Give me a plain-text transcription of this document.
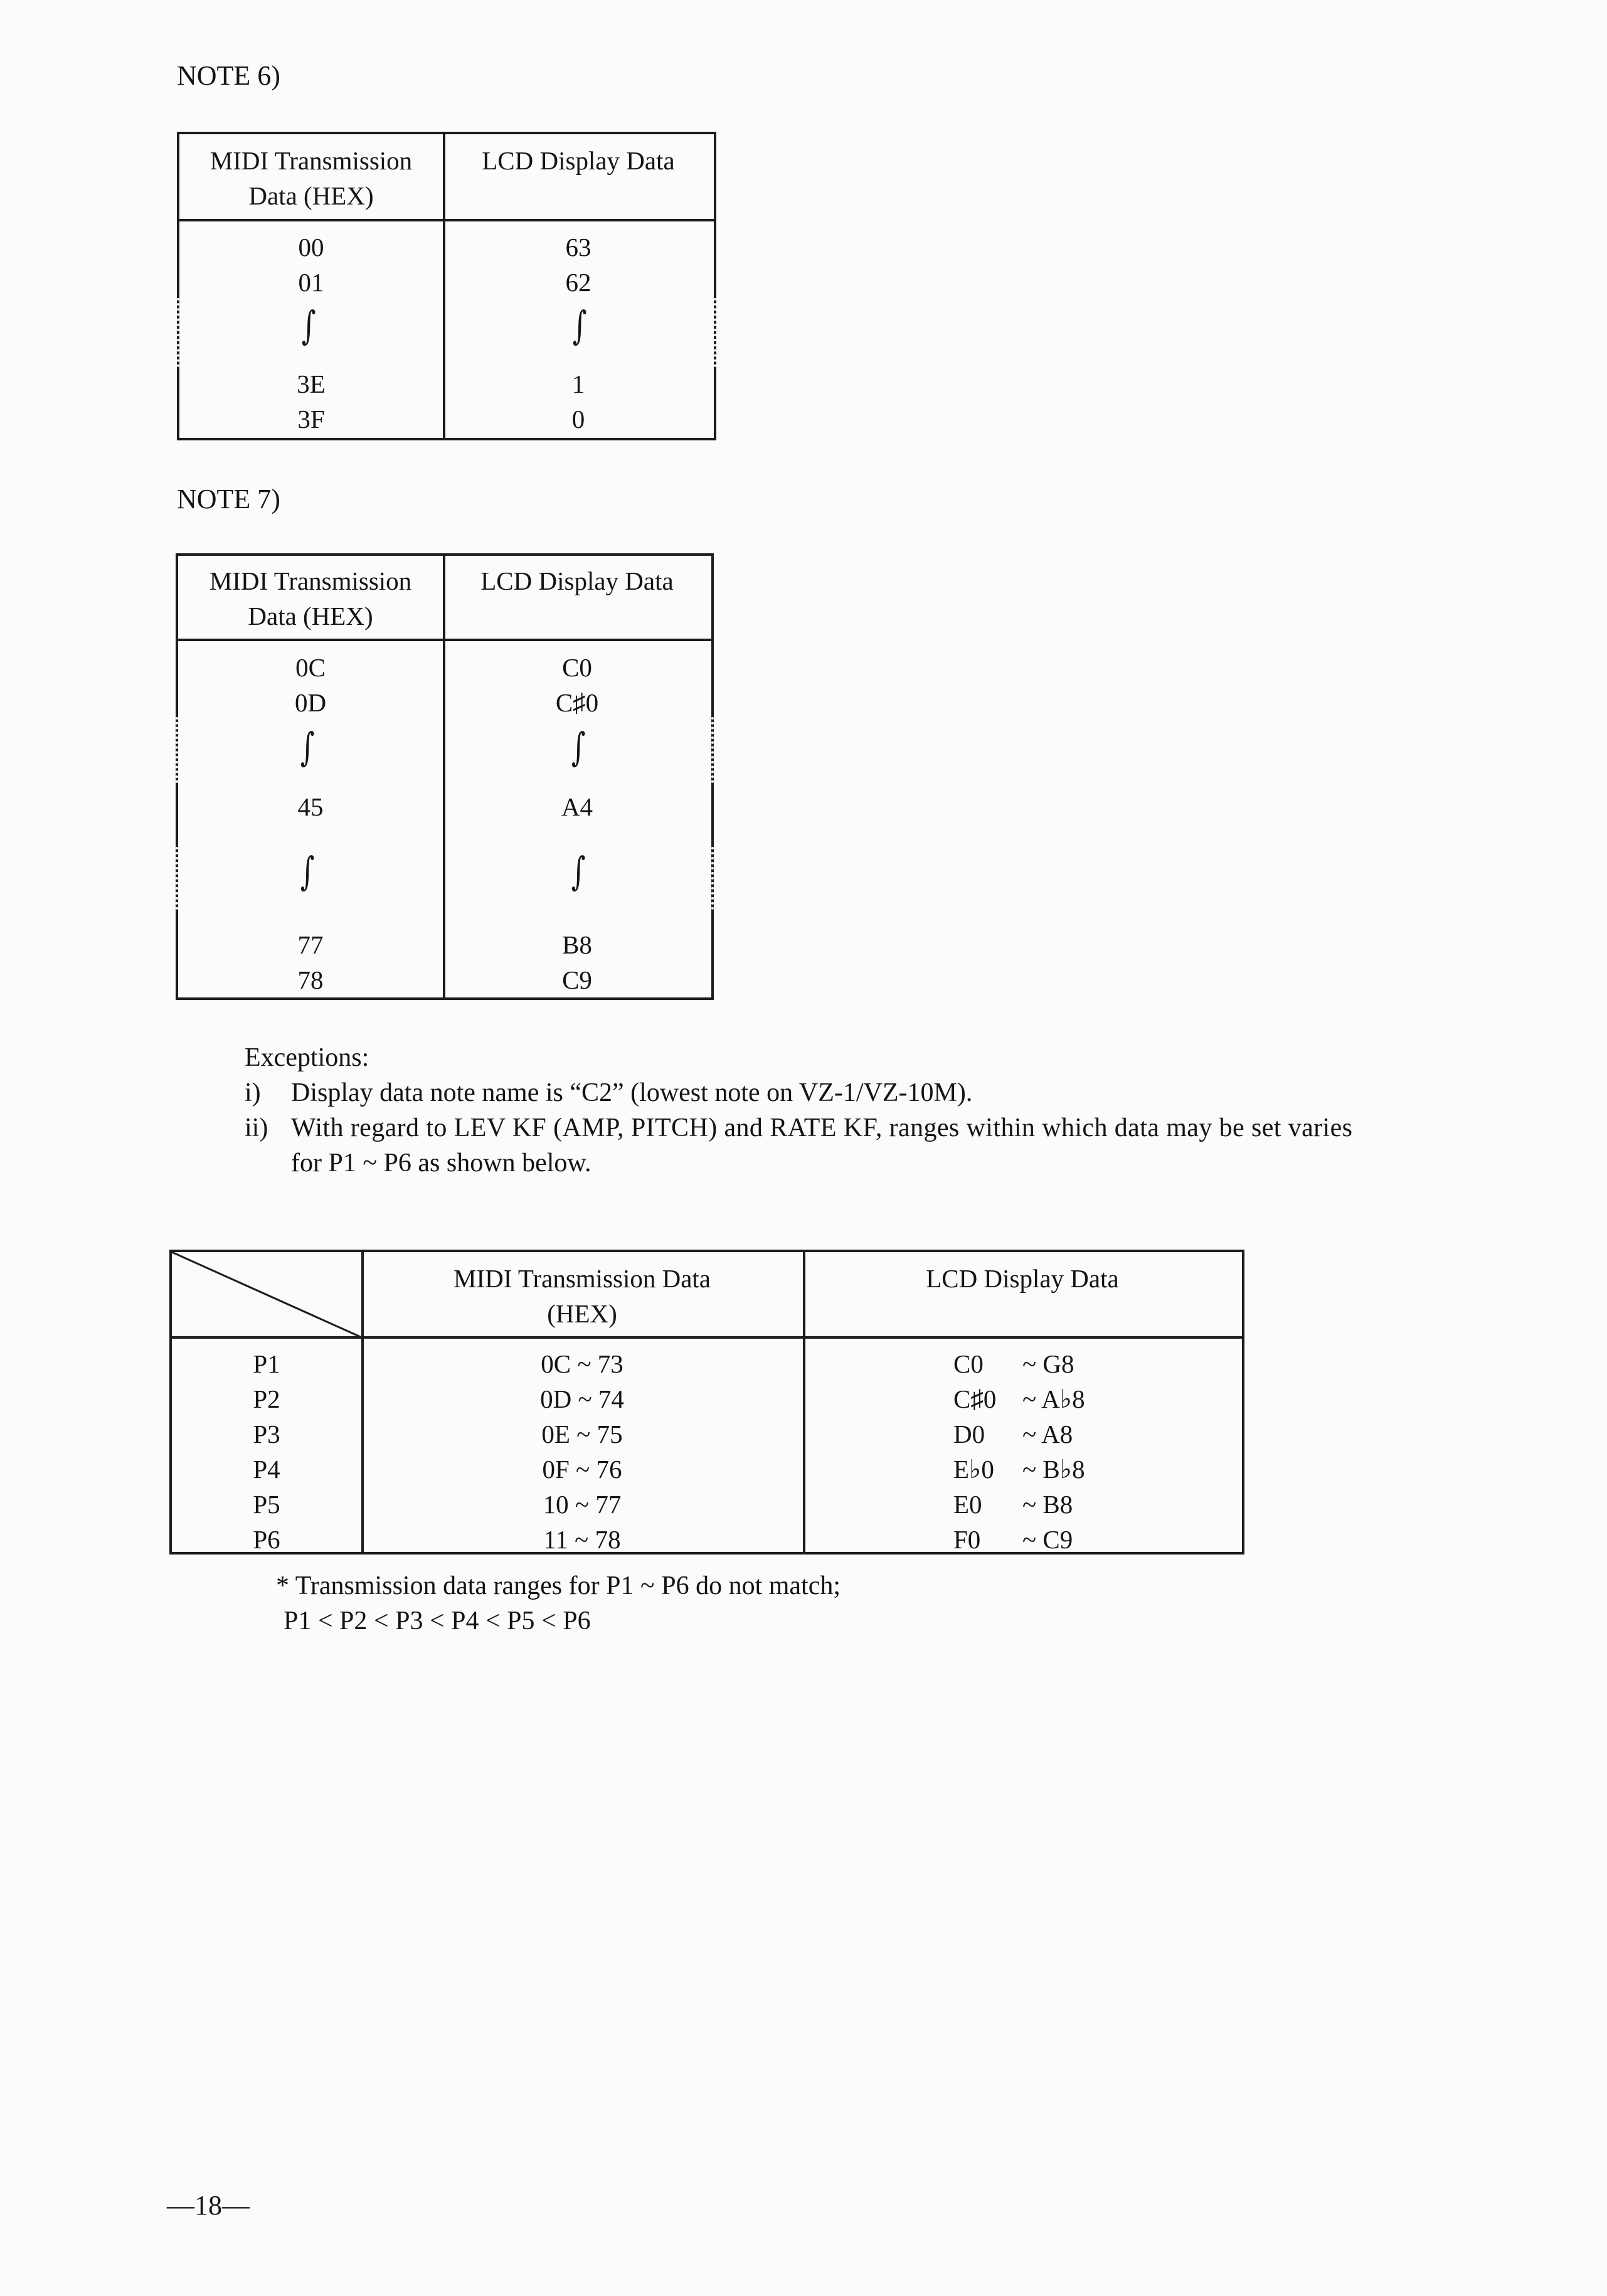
NOTE 6)
MIDI Transmission
Data (HEX)
LCD Display Data
00	63
01	62
∫	∫
3E	1
3F	0
NOTE 7)
MIDI Transmission
Data (HEX)
LCD Display Data
0C	C0
0D	C♯0
∫	∫
45	A4
∫	∫
77	B8
78	C9
Exceptions:
i) Display data note name is “C2” (lowest note on VZ-1/VZ-10M).
ii) With regard to LEV KF (AMP, PITCH) and RATE KF, ranges within which data may be set varies
for P1 ~ P6 as shown below.
MIDI Transmission Data
(HEX)
LCD Display Data
P1	0C ~ 73	C0	~ G8
P2	0D ~ 74	C♯0	~ A♭8
P3	0E ~ 75	D0	~ A8
P4	0F ~ 76	E♭0	~ B♭8
P5	10 ~ 77	E0	~ B8
P6	11 ~ 78	F0	~ C9
* Transmission data ranges for P1 ~ P6 do not match;
P1 < P2 < P3 < P4 < P5 < P6
—18—
